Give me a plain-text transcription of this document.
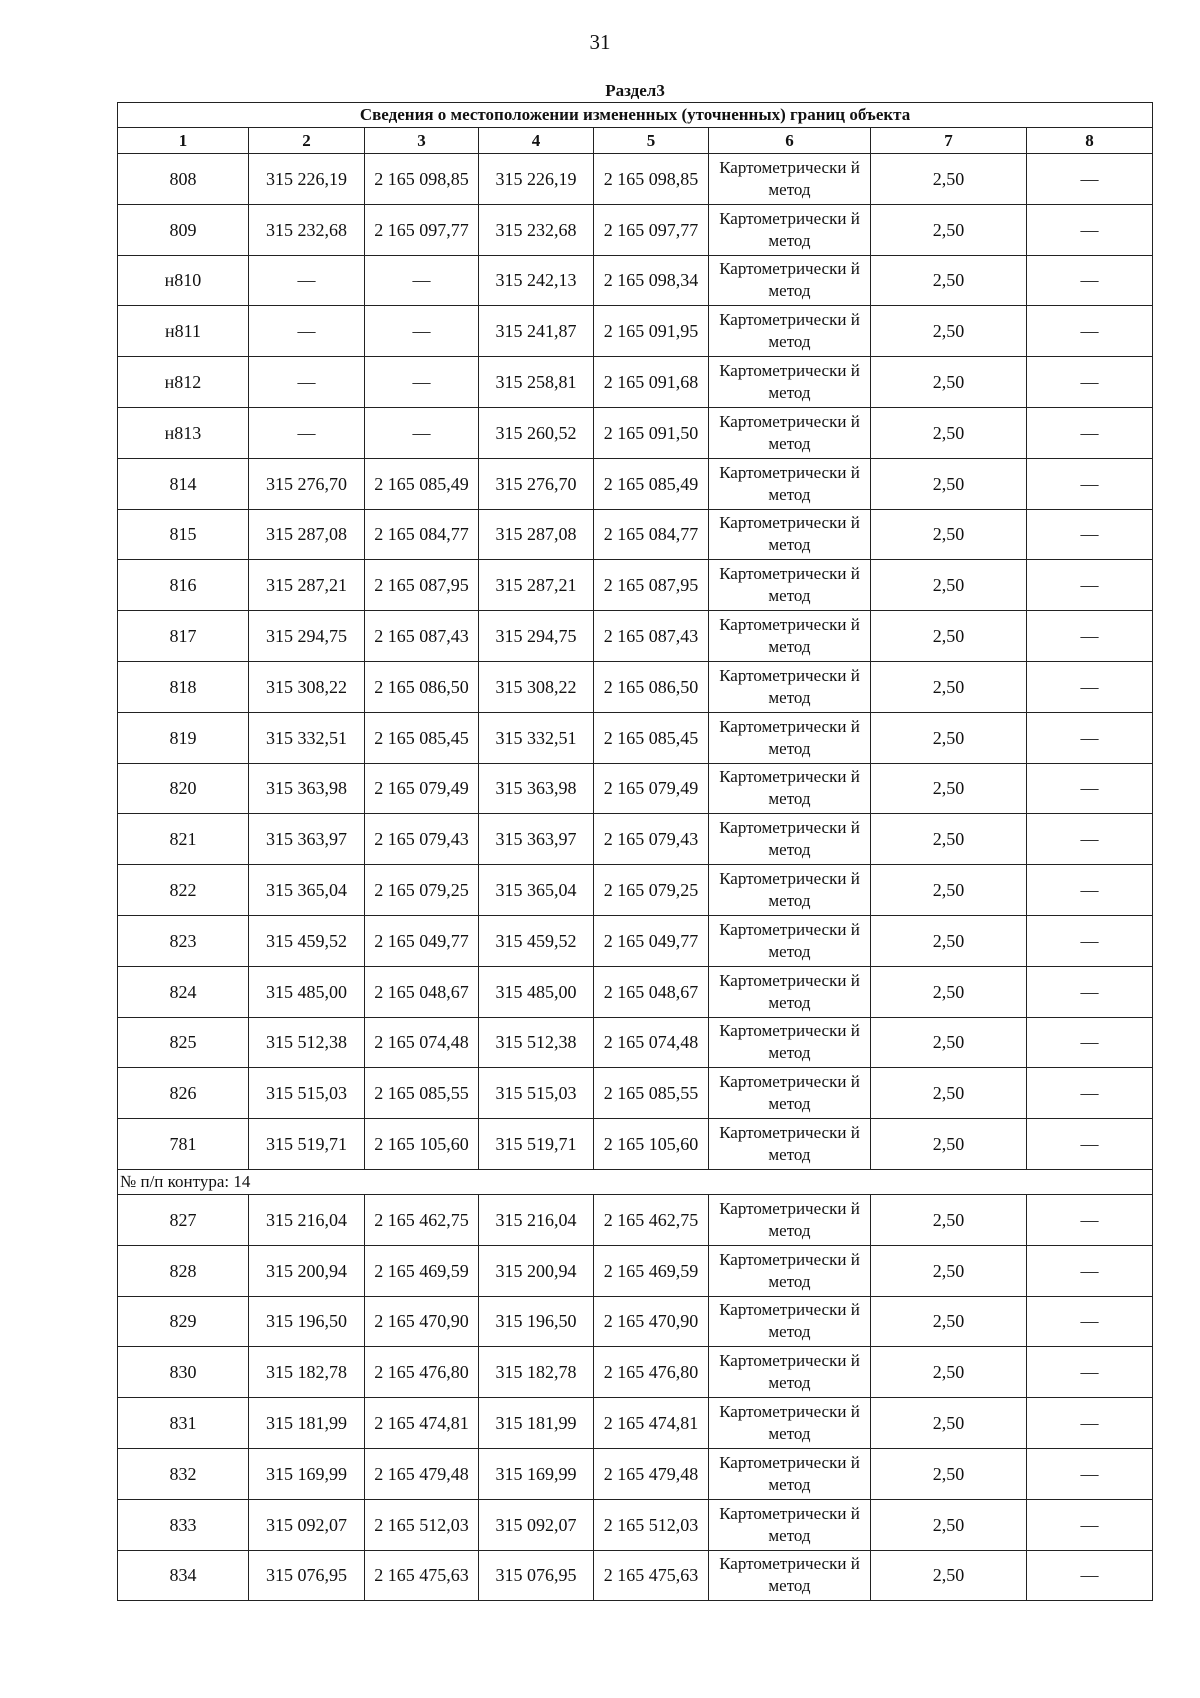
31
Раздел3							
Сведения о местоположении измененных (уточненных) границ объекта							
1	2	3	4	5	6	7	8
808	315 226,19	2 165 098,85	315 226,19	2 165 098,85	Картометрически й метод	2,50	—
809	315 232,68	2 165 097,77	315 232,68	2 165 097,77	Картометрически й метод	2,50	—
н810	—	—	315 242,13	2 165 098,34	Картометрически й метод	2,50	—
н811	—	—	315 241,87	2 165 091,95	Картометрически й метод	2,50	—
н812	—	—	315 258,81	2 165 091,68	Картометрически й метод	2,50	—
н813	—	—	315 260,52	2 165 091,50	Картометрически й метод	2,50	—
814	315 276,70	2 165 085,49	315 276,70	2 165 085,49	Картометрически й метод	2,50	—
815	315 287,08	2 165 084,77	315 287,08	2 165 084,77	Картометрически й метод	2,50	—
816	315 287,21	2 165 087,95	315 287,21	2 165 087,95	Картометрически й метод	2,50	—
817	315 294,75	2 165 087,43	315 294,75	2 165 087,43	Картометрически й метод	2,50	—
818	315 308,22	2 165 086,50	315 308,22	2 165 086,50	Картометрически й метод	2,50	—
819	315 332,51	2 165 085,45	315 332,51	2 165 085,45	Картометрически й метод	2,50	—
820	315 363,98	2 165 079,49	315 363,98	2 165 079,49	Картометрически й метод	2,50	—
821	315 363,97	2 165 079,43	315 363,97	2 165 079,43	Картометрически й метод	2,50	—
822	315 365,04	2 165 079,25	315 365,04	2 165 079,25	Картометрически й метод	2,50	—
823	315 459,52	2 165 049,77	315 459,52	2 165 049,77	Картометрически й метод	2,50	—
824	315 485,00	2 165 048,67	315 485,00	2 165 048,67	Картометрически й метод	2,50	—
825	315 512,38	2 165 074,48	315 512,38	2 165 074,48	Картометрически й метод	2,50	—
826	315 515,03	2 165 085,55	315 515,03	2 165 085,55	Картометрически й метод	2,50	—
781	315 519,71	2 165 105,60	315 519,71	2 165 105,60	Картометрически й метод	2,50	—
№ п/п контура: 14							
827	315 216,04	2 165 462,75	315 216,04	2 165 462,75	Картометрически й метод	2,50	—
828	315 200,94	2 165 469,59	315 200,94	2 165 469,59	Картометрически й метод	2,50	—
829	315 196,50	2 165 470,90	315 196,50	2 165 470,90	Картометрически й метод	2,50	—
830	315 182,78	2 165 476,80	315 182,78	2 165 476,80	Картометрически й метод	2,50	—
831	315 181,99	2 165 474,81	315 181,99	2 165 474,81	Картометрически й метод	2,50	—
832	315 169,99	2 165 479,48	315 169,99	2 165 479,48	Картометрически й метод	2,50	—
833	315 092,07	2 165 512,03	315 092,07	2 165 512,03	Картометрически й метод	2,50	—
834	315 076,95	2 165 475,63	315 076,95	2 165 475,63	Картометрически й метод	2,50	—
